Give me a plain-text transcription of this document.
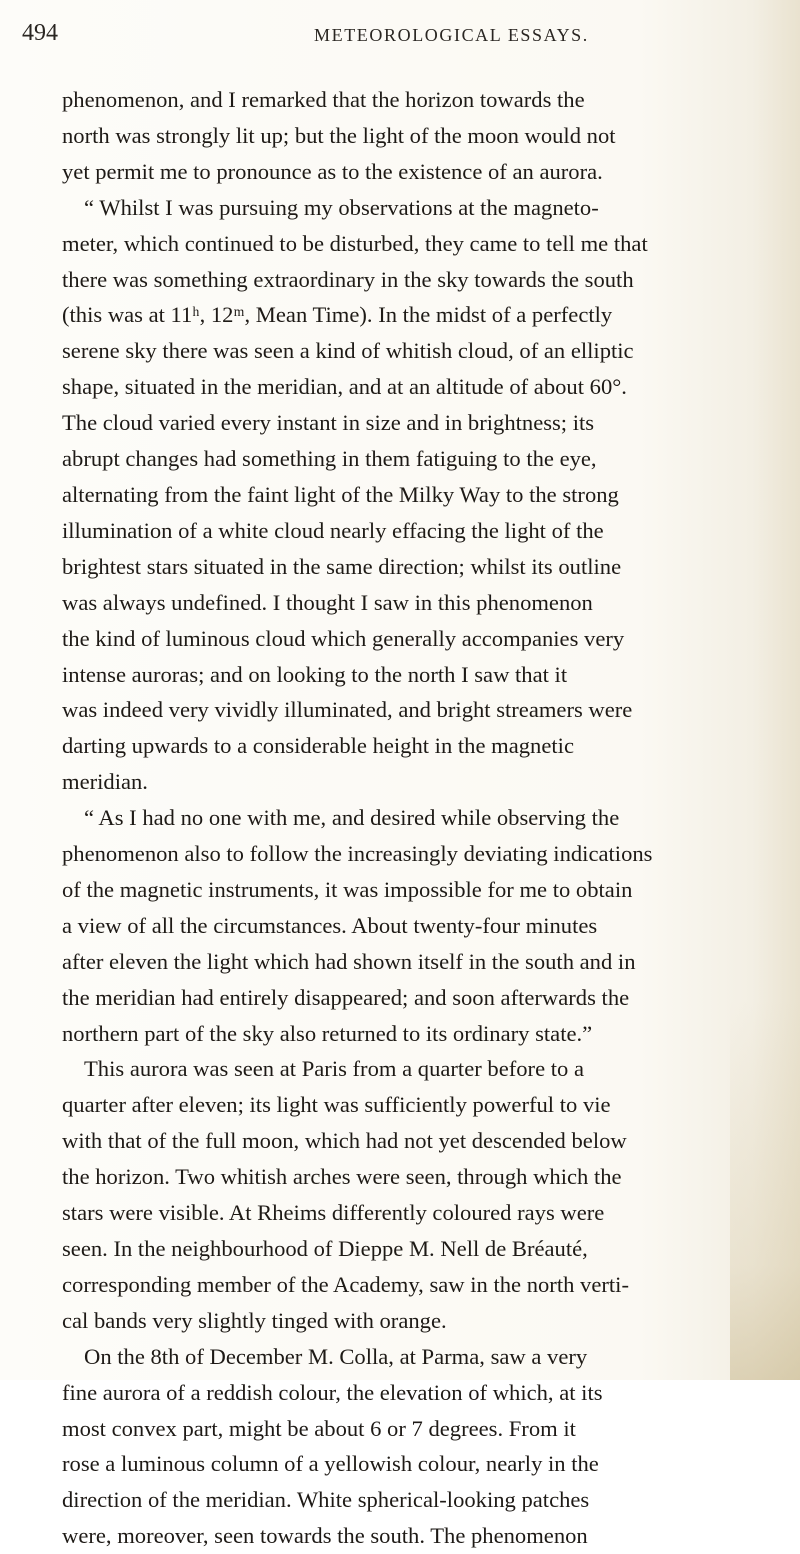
494	METEOROLOGICAL ESSAYS.
phenomenon, and I remarked that the horizon towards the
north was strongly lit up; but the light of the moon would not
yet permit me to pronounce as to the existence of an aurora.
“ Whilst I was pursuing my observations at the magneto-
meter, which continued to be disturbed, they came to tell me that
there was something extraordinary in the sky towards the south
(this was at 11ʰ, 12ᵐ, Mean Time). In the midst of a perfectly
serene sky there was seen a kind of whitish cloud, of an elliptic
shape, situated in the meridian, and at an altitude of about 60°.
The cloud varied every instant in size and in brightness; its
abrupt changes had something in them fatiguing to the eye,
alternating from the faint light of the Milky Way to the strong
illumination of a white cloud nearly effacing the light of the
brightest stars situated in the same direction; whilst its outline
was always undefined. I thought I saw in this phenomenon
the kind of luminous cloud which generally accompanies very
intense auroras; and on looking to the north I saw that it
was indeed very vividly illuminated, and bright streamers were
darting upwards to a considerable height in the magnetic
meridian.
“ As I had no one with me, and desired while observing the
phenomenon also to follow the increasingly deviating indications
of the magnetic instruments, it was impossible for me to obtain
a view of all the circumstances. About twenty-four minutes
after eleven the light which had shown itself in the south and in
the meridian had entirely disappeared; and soon afterwards the
northern part of the sky also returned to its ordinary state.”
This aurora was seen at Paris from a quarter before to a
quarter after eleven; its light was sufficiently powerful to vie
with that of the full moon, which had not yet descended below
the horizon. Two whitish arches were seen, through which the
stars were visible. At Rheims differently coloured rays were
seen. In the neighbourhood of Dieppe M. Nell de Bréauté,
corresponding member of the Academy, saw in the north verti-
cal bands very slightly tinged with orange.
On the 8th of December M. Colla, at Parma, saw a very
fine aurora of a reddish colour, the elevation of which, at its
most convex part, might be about 6 or 7 degrees. From it
rose a luminous column of a yellowish colour, nearly in the
direction of the meridian. White spherical-looking patches
were, moreover, seen towards the south. The phenomenon
